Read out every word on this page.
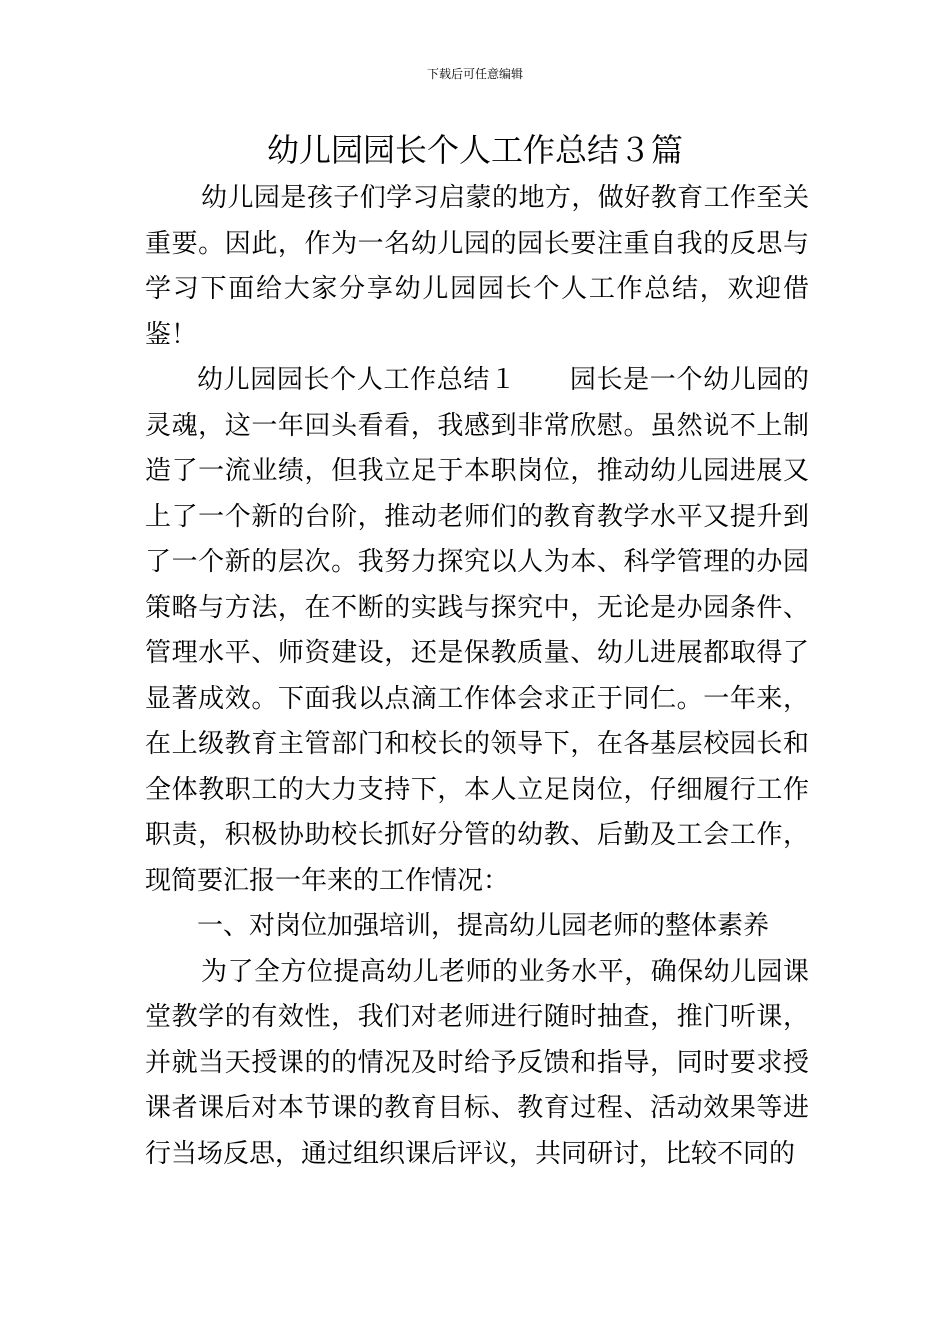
下载后可任意编辑
幼儿园园长个人工作总结３篇

幼儿园是孩子们学习启蒙的地方，做好教育工作至关重要。因此，作为一名幼儿园的园长要注重自我的反思与学习下面给大家分享幼儿园园长个人工作总结，欢迎借鉴！

幼儿园园长个人工作总结１　　园长是一个幼儿园的灵魂，这一年回头看看，我感到非常欣慰。虽然说不上制造了一流业绩，但我立足于本职岗位，推动幼儿园进展又上了一个新的台阶，推动老师们的教育教学水平又提升到了一个新的层次。我努力探究以人为本、科学管理的办园策略与方法，在不断的实践与探究中，无论是办园条件、管理水平、师资建设，还是保教质量、幼儿进展都取得了显著成效。下面我以点滴工作体会求正于同仁。一年来，在上级教育主管部门和校长的领导下，在各基层校园长和全体教职工的大力支持下，本人立足岗位，仔细履行工作职责，积极协助校长抓好分管的幼教、后勤及工会工作，现简要汇报一年来的工作情况：

一、对岗位加强培训，提高幼儿园老师的整体素养

为了全方位提高幼儿老师的业务水平，确保幼儿园课堂教学的有效性，我们对老师进行随时抽查，推门听课，并就当天授课的的情况及时给予反馈和指导，同时要求授课者课后对本节课的教育目标、教育过程、活动效果等进行当场反思，通过组织课后评议，共同研讨，比较不同的
